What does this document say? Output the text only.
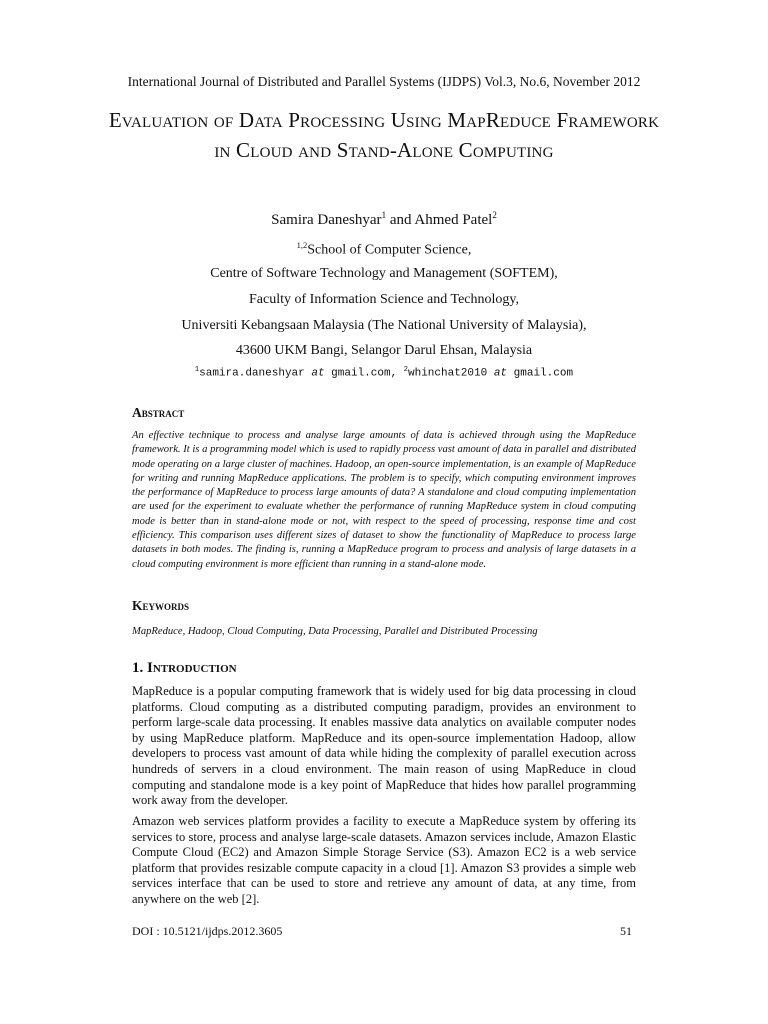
International Journal of Distributed and Parallel Systems (IJDPS) Vol.3, No.6, November 2012
Evaluation of Data Processing Using MapReduce Framework in Cloud and Stand-Alone Computing
Samira Daneshyar$^1$ and Ahmed Patel$^2$
$^{1,2}$School of Computer Science,
Centre of Software Technology and Management (SOFTEM),
Faculty of Information Science and Technology,
Universiti Kebangsaan Malaysia (The National University of Malaysia),
43600 UKM Bangi, Selangor Darul Ehsan, Malaysia
$^1$samira.daneshyar at gmail.com, $^2$whinchat2010 at gmail.com
Abstract
An effective technique to process and analyse large amounts of data is achieved through using the MapReduce framework. It is a programming model which is used to rapidly process vast amount of data in parallel and distributed mode operating on a large cluster of machines. Hadoop, an open-source implementation, is an example of MapReduce for writing and running MapReduce applications. The problem is to specify, which computing environment improves the performance of MapReduce to process large amounts of data? A standalone and cloud computing implementation are used for the experiment to evaluate whether the performance of running MapReduce system in cloud computing mode is better than in stand-alone mode or not, with respect to the speed of processing, response time and cost efficiency. This comparison uses different sizes of dataset to show the functionality of MapReduce to process large datasets in both modes. The finding is, running a MapReduce program to process and analysis of large datasets in a cloud computing environment is more efficient than running in a stand-alone mode.
Keywords
MapReduce, Hadoop, Cloud Computing, Data Processing, Parallel and Distributed Processing
1. Introduction
MapReduce is a popular computing framework that is widely used for big data processing in cloud platforms. Cloud computing as a distributed computing paradigm, provides an environment to perform large-scale data processing. It enables massive data analytics on available computer nodes by using MapReduce platform. MapReduce and its open-source implementation Hadoop, allow developers to process vast amount of data while hiding the complexity of parallel execution across hundreds of servers in a cloud environment. The main reason of using MapReduce in cloud computing and standalone mode is a key point of MapReduce that hides how parallel programming work away from the developer.
Amazon web services platform provides a facility to execute a MapReduce system by offering its services to store, process and analyse large-scale datasets. Amazon services include, Amazon Elastic Compute Cloud (EC2) and Amazon Simple Storage Service (S3). Amazon EC2 is a web service platform that provides resizable compute capacity in a cloud [1]. Amazon S3 provides a simple web services interface that can be used to store and retrieve any amount of data, at any time, from anywhere on the web [2].
DOI : 10.5121/ijdps.2012.3605	51
